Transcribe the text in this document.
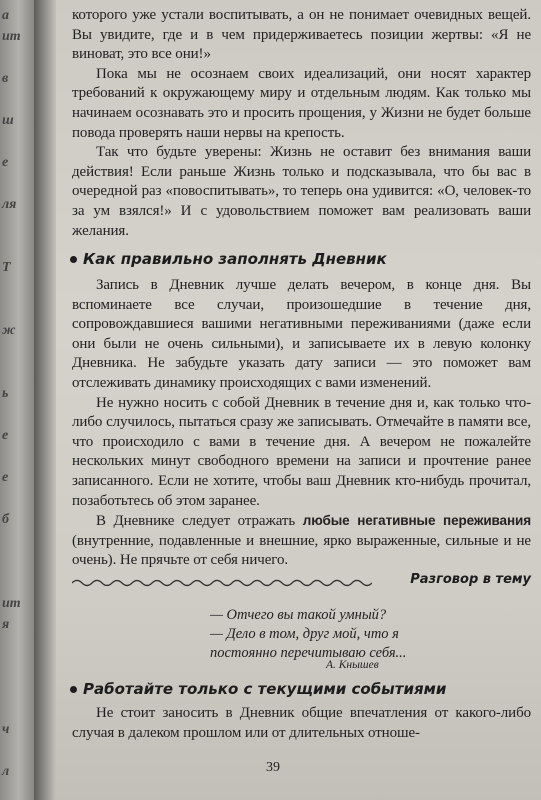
a
ит
в
ш
е
ля
Т
ж
ь
е
е
б
ит
я
ч
л

которого уже устали воспитывать, а он не понимает очевидных вещей. Вы увидите, где и в чем придерживаетесь позиции жертвы: «Я не виноват, это все они!»

Пока мы не осознаем своих идеализаций, они носят характер требований к окружающему миру и отдельным людям. Как только мы начинаем осознавать это и просить прощения, у Жизни не будет больше повода проверять наши нервы на крепость.

Так что будьте уверены: Жизнь не оставит без внимания ваши действия! Если раньше Жизнь только и подсказывала, что бы вас в очередной раз «повоспитывать», то теперь она удивится: «О, человек-то за ум взялся!» И с удовольствием поможет вам реализовать ваши желания.

Как правильно заполнять Дневник

Запись в Дневник лучше делать вечером, в конце дня. Вы вспоминаете все случаи, произошедшие в течение дня, сопровождавшиеся вашими негативными переживаниями (даже если они были не очень сильными), и записываете их в левую колонку Дневника. Не забудьте указать дату записи — это поможет вам отслеживать динамику происходящих с вами изменений.

Не нужно носить с собой Дневник в течение дня и, как только что-либо случилось, пытаться сразу же записывать. Отмечайте в памяти все, что происходило с вами в течение дня. А вечером не пожалейте нескольких минут свободного времени на записи и прочтение ранее записанного. Если не хотите, чтобы ваш Дневник кто-нибудь прочитал, позаботьтесь об этом заранее.

В Дневнике следует отражать любые негативные переживания (внутренние, подавленные и внешние, ярко выраженные, сильные и не очень). Не прячьте от себя ничего.

Разговор в тему

— Отчего вы такой умный?

— Дело в том, друг мой, что я постоянно перечитываю себя...

А. Кнышев
Работайте только с текущими событиями

Не стоит заносить в Дневник общие впечатления от какого-либо случая в далеком прошлом или от длительных отноше-

39
